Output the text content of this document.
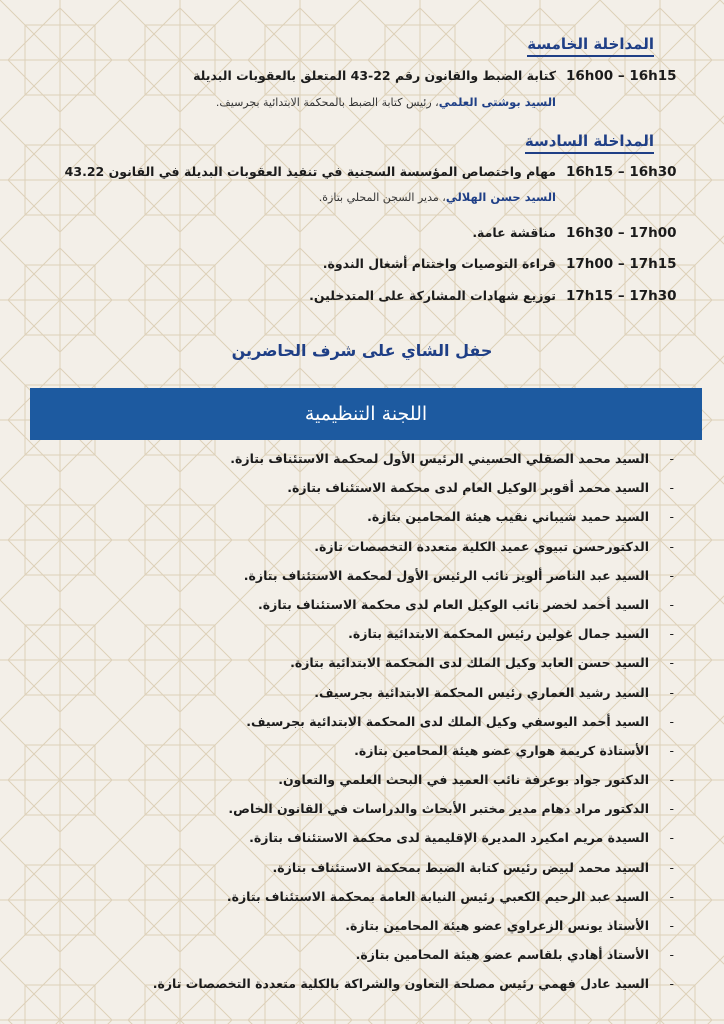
المداخلة الخامسة
16h00 – 16h15
كتابة الضبط والقانون رقم 22-43 المتعلق بالعقوبات البديلة
السيد بوشتى العلمي، رئيس كتابة الضبط بالمحكمة الابتدائية بجرسيف.
المداخلة السادسة
16h15 – 16h30
مهام واختصاص المؤسسة السجنية في تنفيذ العقوبات البديلة في القانون 43.22
السيد حسن الهلالي، مدير السجن المحلي بتازة.
16h30 – 17h00
مناقشة عامة.
17h00 – 17h15
قراءة التوصيات واختتام أشغال الندوة.
17h15 – 17h30
توزيع شهادات المشاركة على المتدخلين.
حفل الشاي على شرف الحاضرين
اللجنة التنظيمية
-
السيد محمد الصقلي الحسيني الرئيس الأول لمحكمة الاستئناف بتازة.
-
السيد محمد أقوبر الوكيل العام لدى محكمة الاستئناف بتازة.
-
السيد حميد شيباني نقيب هيئة المحامين بتازة.
-
الدكتورحسن تبيوي عميد الكلية متعددة التخصصات تازة.
-
السيد عبد الناصر ألويز نائب الرئيس الأول لمحكمة الاستئناف بتازة.
-
السيد أحمد لخضر نائب الوكيل العام لدى محكمة الاستئناف بتازة.
-
السيد جمال غولين رئيس المحكمة الابتدائية بتازة.
-
السيد حسن العابد وكيل الملك لدى المحكمة الابتدائية بتازة.
-
السيد رشيد العماري رئيس المحكمة الابتدائية بجرسيف.
-
السيد أحمد اليوسفي وكيل الملك لدى المحكمة الابتدائية بجرسيف.
-
الأستاذة كريمة هواري عضو هيئة المحامين بتازة.
-
الدكتور جواد بوعرفة نائب العميد في البحث العلمي والتعاون.
-
الدكتور مراد دهام مدير مختبر الأبحاث والدراسات في القانون الخاص.
-
السيدة مريم امكيرد المديرة الإقليمية لدى محكمة الاستئناف بتازة.
-
السيد محمد لبيض رئيس كتابة الضبط بمحكمة الاستئناف بتازة.
-
السيد عبد الرحيم الكعبي رئيس النيابة العامة بمحكمة الاستئناف بتازة.
-
الأستاذ يونس الزعراوي عضو هيئة المحامين بتازة.
-
الأستاذ أهادي بلقاسم عضو هيئة المحامين بتازة.
-
السيد عادل فهمي رئيس مصلحة التعاون والشراكة بالكلية متعددة التخصصات تازة.
